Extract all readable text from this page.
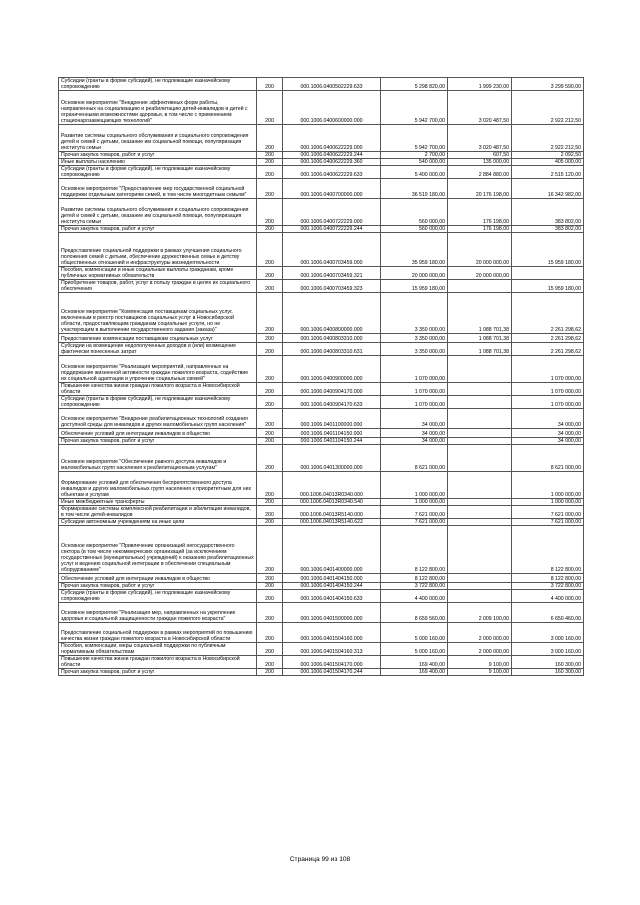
Субсидии (гранты в форме субсидий), не подлежащие казначейскому сопровождению	200	000.1006.0400502229.633	5 298 820,00	1 999 230,00	3 299 590,00
Основное мероприятие "Внедрение эффективных форм работы, направленных на социализацию и реабилитацию детей-инвалидов и детей с ограниченными возможностями здоровья, в том числе с применением стационарозамещающих технологий"	200	000.1006.0400600000.000	5 942 700,00	3 020 487,50	2 922 212,50
Развитие системы социального обслуживания и социального сопровождения детей и семей с детьми, оказание им социальной помощи, популяризация института семьи	200	000.1006.0400622229.000	5 942 700,00	3 020 487,50	2 922 212,50
Прочая закупка товаров, работ и услуг	200	000.1006.0400622229.244	2 700,00	607,50	2 092,50
Иные выплаты населению	200	000.1006.0400622229.360	540 000,00	135 000,00	405 000,00
Субсидии (гранты в форме субсидий), не подлежащие казначейскому сопровождению	200	000.1006.0400622229.633	5 400 000,00	2 884 880,00	2 515 120,00
Основное мероприятие "Предоставление мер государственной социальной поддержки отдельным категориям семей, в том числе многодетным семьям"	200	000.1006.0400700000.000	36 519 180,00	20 176 198,00	16 342 982,00
Развитие системы социального обслуживания и социального сопровождения детей и семей с детьми, оказание им социальной помощи, популяризация института семьи	200	000.1006.0400722229.000	560 000,00	176 198,00	383 802,00
Прочая закупка товаров, работ и услуг	200	000.1006.0400722229.244	560 000,00	176 198,00	383 802,00
Предоставление социальной поддержки в рамках улучшения социального положения семей с детьми, обеспечение дружественных семье и детству общественных отношений и инфраструктуры жизнедеятельности	200	000.1006.0400703459.000	35 959 180,00	20 000 000,00	15 959 180,00
Пособия, компенсации и иные социальные выплаты гражданам, кроме публичных нормативных обязательств	200	000.1006.0400703459.321	20 000 000,00	20 000 000,00	
Приобретение товаров, работ, услуг в пользу граждан в целях их социального обеспечения	200	000.1006.0400703459.323	15 959 180,00		15 959 180,00
Основное мероприятие "Компенсация поставщикам социальных услуг, включенным в реестр поставщиков социальных услуг в Новосибирской области, предоставляющим гражданам социальные услуги, но не участвующим в выполнении государственного задания (заказа)"	200	000.1006.0400800000.000	3 350 000,00	1 088 701,38	2 261 298,62
Предоставление компенсации поставщикам социальных услуг	200	000.1006.0400803310.000	3 350 000,00	1 088 701,38	2 261 298,62
Субсидии на возмещение недополученных доходов и (или) возмещение фактически понесенных затрат	200	000.1006.0400803310.631	3 350 000,00	1 088 701,38	2 261 298,62
Основное мероприятие "Реализация мероприятий, направленных на поддержание жизненной активности граждан пожилого возраста, содействие их социальной адаптации и упрочение социальных связей"	200	000.1006.0400900000.000	1 070 000,00		1 070 000,00
Повышение качества жизни граждан пожилого возраста в Новосибирской области	200	000.1006.0400904170.000	1 070 000,00		1 070 000,00
Субсидии (гранты в форме субсидий), не подлежащие казначейскому сопровождению	200	000.1006.0400904170.633	1 070 000,00		1 070 000,00
Основное мероприятие "Внедрение реабилитационных технологий создания доступной среды для инвалидов и других маломобильных групп населения"	200	000.1006.0401100000.000	34 000,00		34 000,00
Обеспечение условий для интеграции инвалидов в общество	200	000.1006.0401104150.000	34 000,00		34 000,00
Прочая закупка товаров, работ и услуг	200	000.1006.0401104150.244	34 000,00		34 000,00
Основное мероприятие "Обеспечение равного доступа инвалидов и маломобильных групп населения к реабилитационным услугам"	200	000.1006.0401300000.000	8 621 000,00		8 621 000,00
Формирование условий для обеспечения беспрепятственного доступа инвалидов и других маломобильных групп населения к приоритетным для них объектам и услугам	200	000.1006.04013R0340.000	1 000 000,00		1 000 000,00
Иные межбюджетные трансферты	200	000.1006.04013R0340.540	1 000 000,00		1 000 000,00
Формирование системы комплексной реабилитации и абилитации инвалидов, в том числе детей-инвалидов	200	000.1006.04013R5140.000	7 621 000,00		7 621 000,00
Субсидии автономным учреждениям на иные цели	200	000.1006.04013R5140.622	7 621 000,00		7 621 000,00
Основное мероприятие "Привлечение организаций негосударственного сектора (в том числе некоммерческих организаций (за исключением государственных (муниципальных) учреждений) к оказанию реабилитационных услуг и ведению социальной интеграции в обеспечении специальным оборудованием"	200	000.1006.0401400000.000	8 122 800,00		8 122 800,00
Обеспечение условий для интеграции инвалидов в общество	200	000.1006.0401404150.000	8 122 800,00		8 122 800,00
Прочая закупка товаров, работ и услуг	200	000.1006.0401404150.244	3 722 800,00		3 722 800,00
Субсидии (гранты в форме субсидий), не подлежащие казначейскому сопровождению	200	000.1006.0401404150.633	4 400 000,00		4 400 000,00
Основное мероприятие "Реализация мер, направленных на укрепление здоровья и социальной защищенности граждан пожилого возраста"	200	000.1006.0401500000.000	8 659 560,00	2 009 100,00	6 650 460,00
Предоставление социальной поддержки в рамках мероприятий по повышению качества жизни граждан пожилого возраста в Новосибирской области	200	000.1006.0401504160.000	5 000 160,00	2 000 000,00	3 000 160,00
Пособия, компенсации, меры социальной поддержки по публичным нормативным обязательствам	200	000.1006.0401504160.313	5 000 160,00	2 000 000,00	3 000 160,00
Повышение качества жизни граждан пожилого возраста в Новосибирской области	200	000.1006.0401504170.000	169 400,00	9 100,00	160 300,00
Прочая закупка товаров, работ и услуг	200	000.1006.0401504170.244	169 400,00	9 100,00	160 300,00
Страница 99 из 108
